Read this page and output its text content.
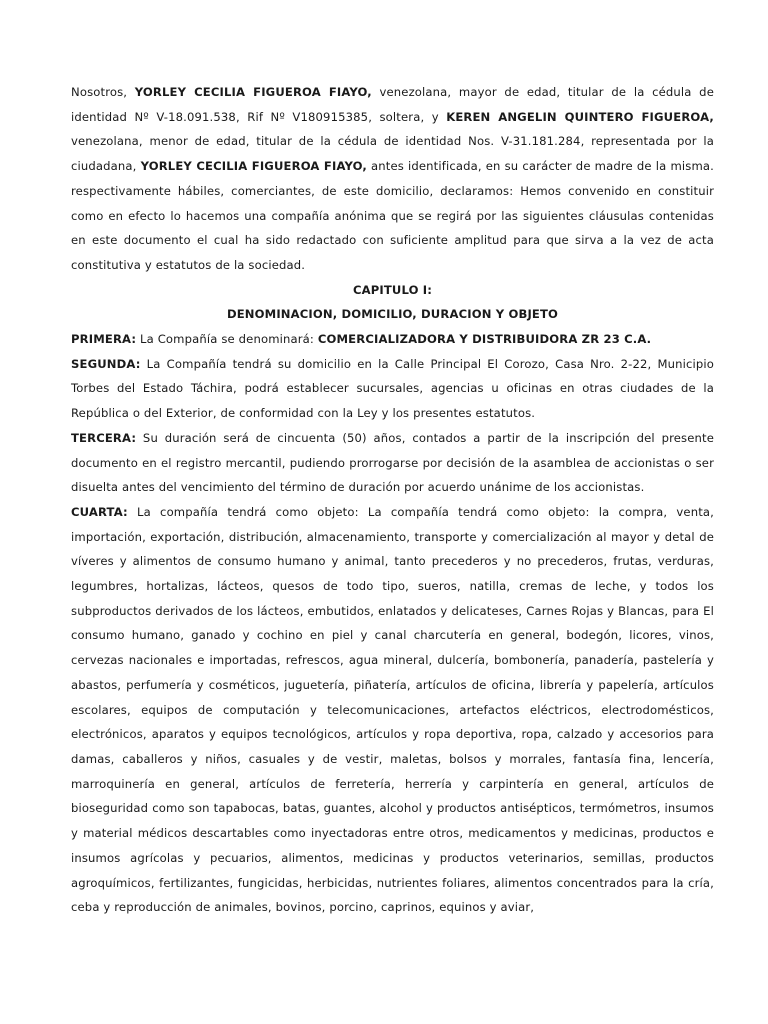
Nosotros, YORLEY CECILIA FIGUEROA FIAYO, venezolana, mayor de edad, titular de la cédula de identidad Nº V-18.091.538, Rif Nº V180915385, soltera, y KEREN ANGELIN QUINTERO FIGUEROA, venezolana, menor de edad, titular de la cédula de identidad Nos. V-31.181.284, representada por la ciudadana, YORLEY CECILIA FIGUEROA FIAYO, antes identificada, en su carácter de madre de la misma. respectivamente hábiles, comerciantes, de este domicilio, declaramos: Hemos convenido en constituir como en efecto lo hacemos una compañía anónima que se regirá por las siguientes cláusulas contenidas en este documento el cual ha sido redactado con suficiente amplitud para que sirva a la vez de acta constitutiva y estatutos de la sociedad.

CAPITULO I:

DENOMINACION, DOMICILIO, DURACION Y OBJETO

PRIMERA: La Compañía se denominará: COMERCIALIZADORA Y DISTRIBUIDORA ZR 23 C.A.

SEGUNDA: La Compañía tendrá su domicilio en la Calle Principal El Corozo, Casa Nro. 2-22, Municipio Torbes del Estado Táchira, podrá establecer sucursales, agencias u oficinas en otras ciudades de la República o del Exterior, de conformidad con la Ley y los presentes estatutos.

TERCERA: Su duración será de cincuenta (50) años, contados a partir de la inscripción del presente documento en el registro mercantil, pudiendo prorrogarse por decisión de la asamblea de accionistas o ser disuelta antes del vencimiento del término de duración por acuerdo unánime de los accionistas.

CUARTA: La compañía tendrá como objeto: La compañía tendrá como objeto: la compra, venta, importación, exportación, distribución, almacenamiento, transporte y comercialización al mayor y detal de víveres y alimentos de consumo humano y animal, tanto precederos y no precederos, frutas, verduras, legumbres, hortalizas, lácteos, quesos de todo tipo, sueros, natilla, cremas de leche, y todos los subproductos derivados de los lácteos, embutidos, enlatados y delicateses, Carnes Rojas y Blancas, para El consumo humano, ganado y cochino en piel y canal charcutería en general, bodegón, licores, vinos, cervezas nacionales e importadas, refrescos, agua mineral, dulcería, bombonería, panadería, pastelería y abastos, perfumería y cosméticos, juguetería, piñatería, artículos de oficina, librería y papelería, artículos escolares, equipos de computación y telecomunicaciones, artefactos eléctricos, electrodomésticos, electrónicos, aparatos y equipos tecnológicos, artículos y ropa deportiva, ropa, calzado y accesorios para damas, caballeros y niños, casuales y de vestir, maletas, bolsos y morrales, fantasía fina, lencería, marroquinería en general, artículos de ferretería, herrería y carpintería en general, artículos de bioseguridad como son tapabocas, batas, guantes, alcohol y productos antisépticos, termómetros, insumos y material médicos descartables como inyectadoras entre otros, medicamentos y medicinas, productos e insumos agrícolas y pecuarios, alimentos, medicinas y productos veterinarios, semillas, productos agroquímicos, fertilizantes, fungicidas, herbicidas, nutrientes foliares, alimentos concentrados para la cría, ceba y reproducción de animales, bovinos, porcino, caprinos, equinos y aviar,
